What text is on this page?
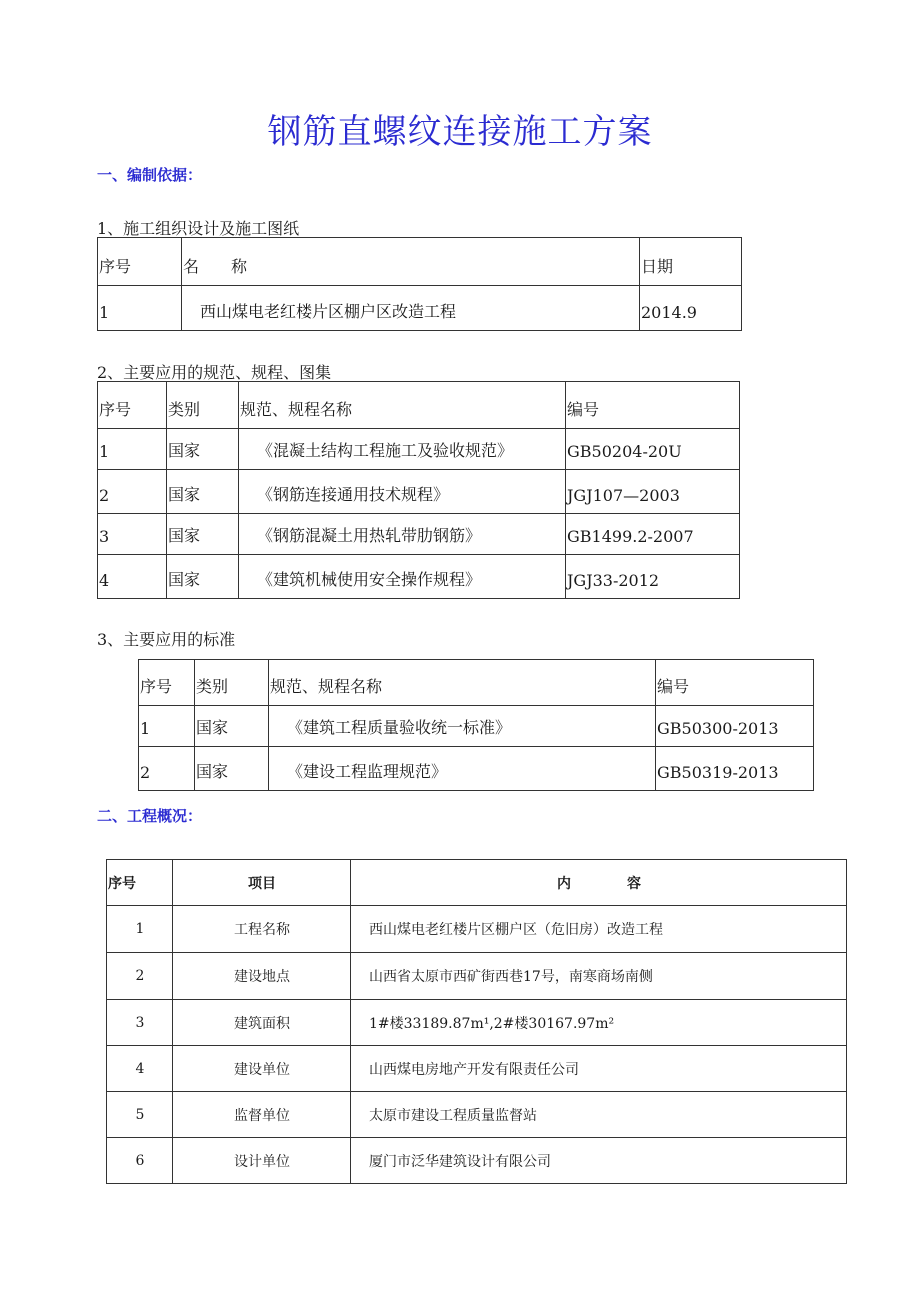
钢筋直螺纹连接施工方案
一、编制依据：
1、施工组织设计及施工图纸
序号	名　　称	日期

1	西山煤电老红楼片区棚户区改造工程	2014.9
2、主要应用的规范、规程、图集
序号	类别	规范、规程名称	编号

1	国家	《混凝土结构工程施工及验收规范》	GB50204-20U

2	国家	《钢筋连接通用技术规程》	JGJ107—2003

3	国家	《钢筋混凝土用热轧带肋钢筋》	GB1499.2-2007

4	国家	《建筑机械使用安全操作规程》	JGJ33-2012
3、主要应用的标准
序号	类别	规范、规程名称	编号

1	国家	《建筑工程质量验收统一标准》	GB50300-2013

2	国家	《建设工程监理规范》	GB50319-2013
二、工程概况：
序号	项目	内　　　　容

1	工程名称	西山煤电老红楼片区棚户区（危旧房）改造工程

2	建设地点	山西省太原市西矿街西巷17号，南寒商场南侧

3	建筑面积	1#楼33189.87m¹,2#楼30167.97m²

4	建设单位	山西煤电房地产开发有限责任公司

5	监督单位	太原市建设工程质量监督站

6	设计单位	厦门市泛华建筑设计有限公司
